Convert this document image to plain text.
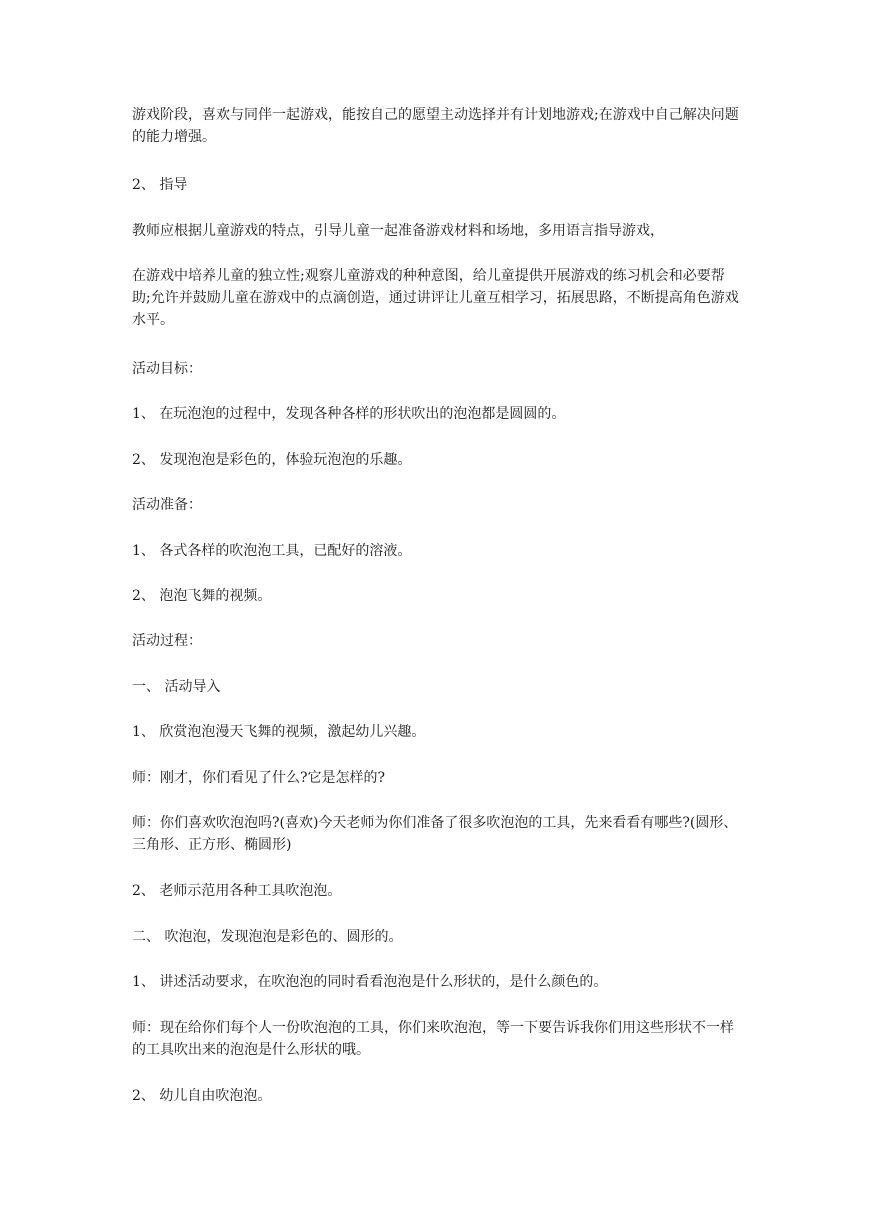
游戏阶段，喜欢与同伴一起游戏，能按自己的愿望主动选择并有计划地游戏;在游戏中自己解决问题的能力增强。

2、 指导

教师应根据儿童游戏的特点，引导儿童一起准备游戏材料和场地，多用语言指导游戏，

在游戏中培养儿童的独立性;观察儿童游戏的种种意图，给儿童提供开展游戏的练习机会和必要帮助;允许并鼓励儿童在游戏中的点滴创造，通过讲评让儿童互相学习，拓展思路，不断提高角色游戏水平。

活动目标：

1、 在玩泡泡的过程中，发现各种各样的形状吹出的泡泡都是圆圆的。

2、 发现泡泡是彩色的，体验玩泡泡的乐趣。

活动准备：

1、 各式各样的吹泡泡工具，已配好的溶液。

2、 泡泡飞舞的视频。

活动过程：

一、 活动导入

1、 欣赏泡泡漫天飞舞的视频，激起幼儿兴趣。

师：刚才，你们看见了什么?它是怎样的?

师：你们喜欢吹泡泡吗?(喜欢)今天老师为你们准备了很多吹泡泡的工具，先来看看有哪些?(圆形、三角形、正方形、椭圆形)

2、 老师示范用各种工具吹泡泡。

二、 吹泡泡，发现泡泡是彩色的、圆形的。

1、 讲述活动要求，在吹泡泡的同时看看泡泡是什么形状的，是什么颜色的。

师：现在给你们每个人一份吹泡泡的工具，你们来吹泡泡，等一下要告诉我你们用这些形状不一样的工具吹出来的泡泡是什么形状的哦。

2、 幼儿自由吹泡泡。
